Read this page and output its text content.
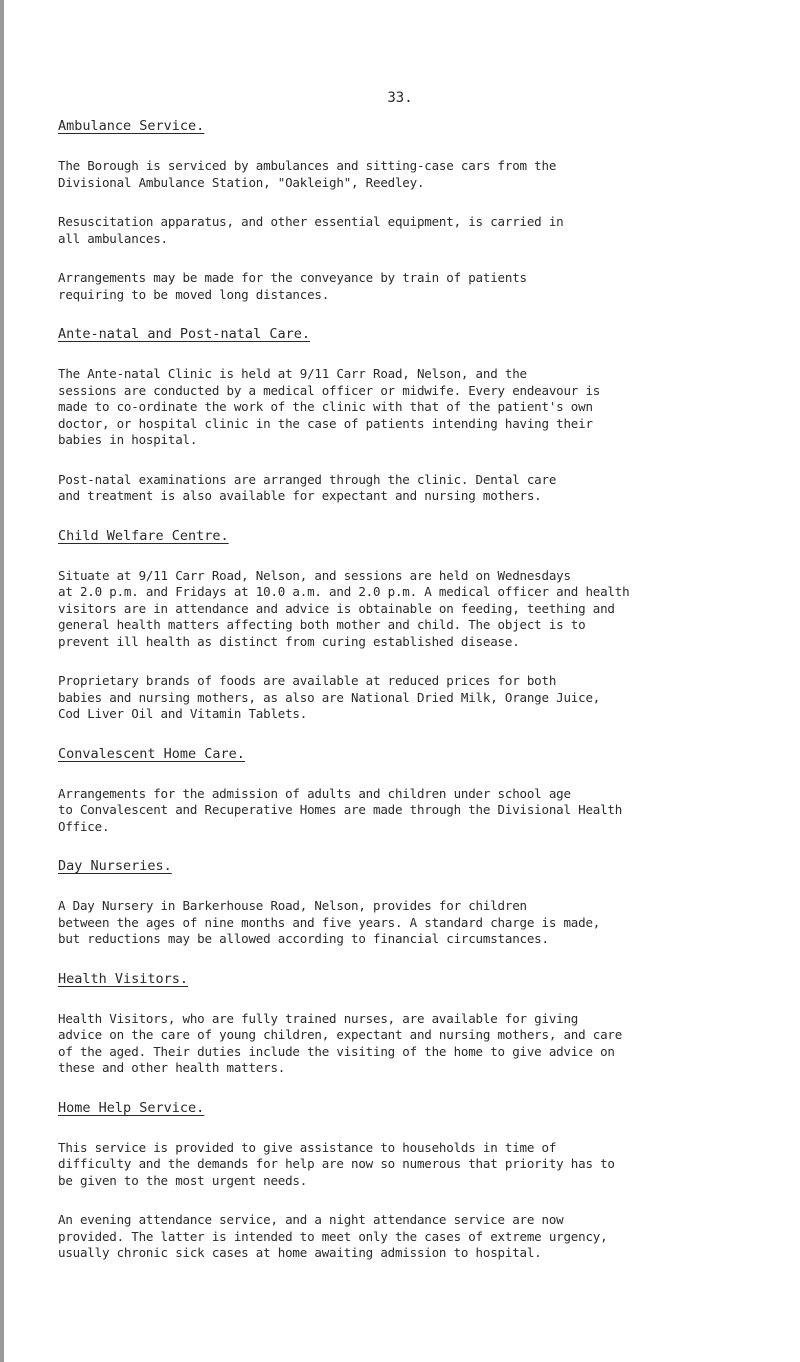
33.
Ambulance Service.

The Borough is serviced by ambulances and sitting-case cars from the
Divisional Ambulance Station, "Oakleigh", Reedley.

Resuscitation apparatus, and other essential equipment, is carried in
all ambulances.

Arrangements may be made for the conveyance by train of patients
requiring to be moved long distances.

Ante-natal and Post-natal Care.

The Ante-natal Clinic is held at 9/11 Carr Road, Nelson, and the
sessions are conducted by a medical officer or midwife. Every endeavour is
made to co-ordinate the work of the clinic with that of the patient's own
doctor, or hospital clinic in the case of patients intending having their
babies in hospital.

Post-natal examinations are arranged through the clinic. Dental care
and treatment is also available for expectant and nursing mothers.

Child Welfare Centre.

Situate at 9/11 Carr Road, Nelson, and sessions are held on Wednesdays
at 2.0 p.m. and Fridays at 10.0 a.m. and 2.0 p.m. A medical officer and health
visitors are in attendance and advice is obtainable on feeding, teething and
general health matters affecting both mother and child. The object is to
prevent ill health as distinct from curing established disease.

Proprietary brands of foods are available at reduced prices for both
babies and nursing mothers, as also are National Dried Milk, Orange Juice,
Cod Liver Oil and Vitamin Tablets.

Convalescent Home Care.

Arrangements for the admission of adults and children under school age
to Convalescent and Recuperative Homes are made through the Divisional Health
Office.

Day Nurseries.

A Day Nursery in Barkerhouse Road, Nelson, provides for children
between the ages of nine months and five years. A standard charge is made,
but reductions may be allowed according to financial circumstances.

Health Visitors.

Health Visitors, who are fully trained nurses, are available for giving
advice on the care of young children, expectant and nursing mothers, and care
of the aged. Their duties include the visiting of the home to give advice on
these and other health matters.

Home Help Service.

This service is provided to give assistance to households in time of
difficulty and the demands for help are now so numerous that priority has to
be given to the most urgent needs.

An evening attendance service, and a night attendance service are now
provided. The latter is intended to meet only the cases of extreme urgency,
usually chronic sick cases at home awaiting admission to hospital.
